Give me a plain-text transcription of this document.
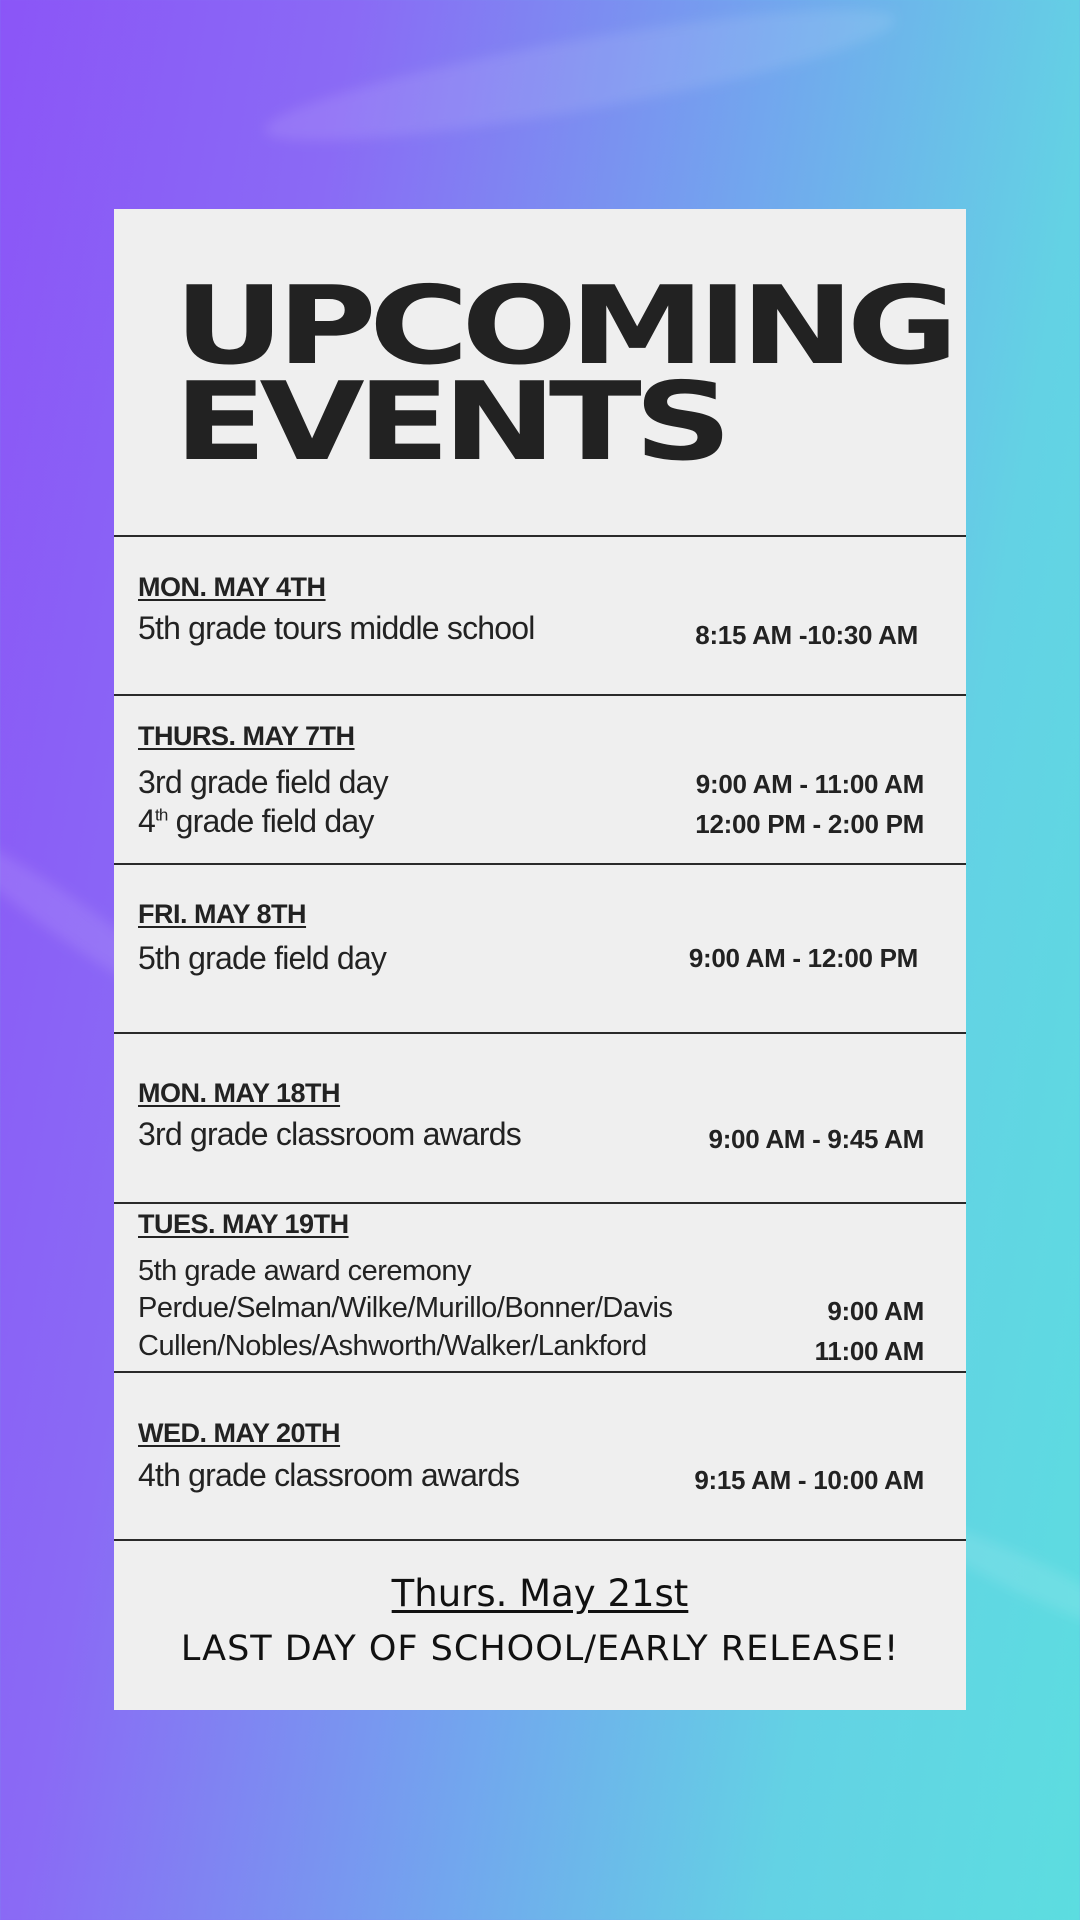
UPCOMING
EVENTS
MON. MAY 4TH
5th grade tours middle school	8:15 AM -10:30 AM
THURS. MAY 7TH
3rd grade field day	9:00 AM - 11:00 AM
4th grade field day	12:00 PM - 2:00 PM
FRI. MAY 8TH
5th grade field day	9:00 AM - 12:00 PM
MON. MAY 18TH
3rd grade classroom awards	9:00 AM - 9:45 AM
TUES. MAY 19TH
5th grade award ceremony
Perdue/Selman/Wilke/Murillo/Bonner/Davis	9:00 AM
Cullen/Nobles/Ashworth/Walker/Lankford	11:00 AM
WED. MAY 20TH
4th grade classroom awards	9:15 AM - 10:00 AM
Thurs. May 21st
LAST DAY OF SCHOOL/EARLY RELEASE!
